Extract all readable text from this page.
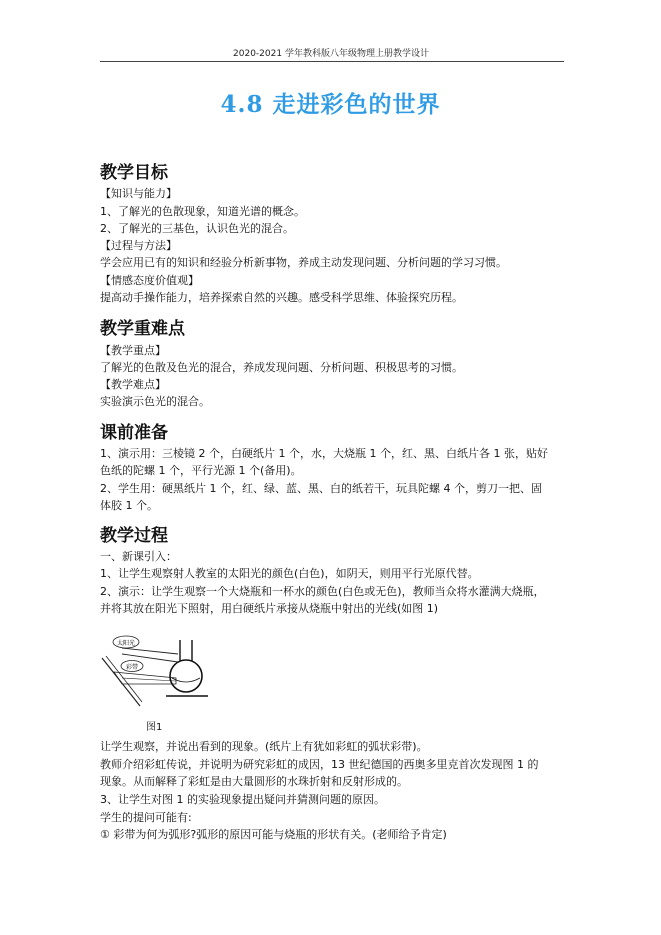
2020-2021 学年教科版八年级物理上册教学设计
4.8 走进彩色的世界
教学目标
【知识与能力】
1、了解光的色散现象，知道光谱的概念。
2、了解光的三基色，认识色光的混合。
【过程与方法】
学会应用已有的知识和经验分析新事物，养成主动发现问题、分析问题的学习习惯。
【情感态度价值观】
提高动手操作能力，培养探索自然的兴趣。感受科学思维、体验探究历程。
教学重难点
【教学重点】
了解光的色散及色光的混合，养成发现问题、分析问题、积极思考的习惯。
【教学难点】
实验演示色光的混合。
课前准备
1、演示用：三棱镜 2 个，白硬纸片 1 个，水，大烧瓶 1 个，红、黑、白纸片各 1 张，贴好
色纸的陀螺 1 个，平行光源 1 个(备用)。
2、学生用：硬黑纸片 1 个，红、绿、蓝、黑、白的纸若干，玩具陀螺 4 个，剪刀一把、固
体胶 1 个。
教学过程
一、新课引入：
1、让学生观察射人教室的太阳光的颜色(白色)，如阴天，则用平行光原代替。
2、演示：让学生观察一个大烧瓶和一杯水的颜色(白色或无色)，教师当众将水灌满大烧瓶，
并将其放在阳光下照射，用白硬纸片承接从烧瓶中射出的光线(如图 1)
太阳光
彩带
图1
让学生观察，并说出看到的现象。(纸片上有犹如彩虹的弧状彩带)。
教师介绍彩虹传说，并说明为研究彩虹的成因，13 世纪德国的西奥多里克首次发现图 1 的
现象。从而解释了彩虹是由大量圆形的水珠折射和反射形成的。
3、让学生对图 1 的实验现象提出疑问并猜测问题的原因。
学生的提问可能有:
① 彩带为何为弧形?弧形的原因可能与烧瓶的形状有关。(老师给予肯定)
